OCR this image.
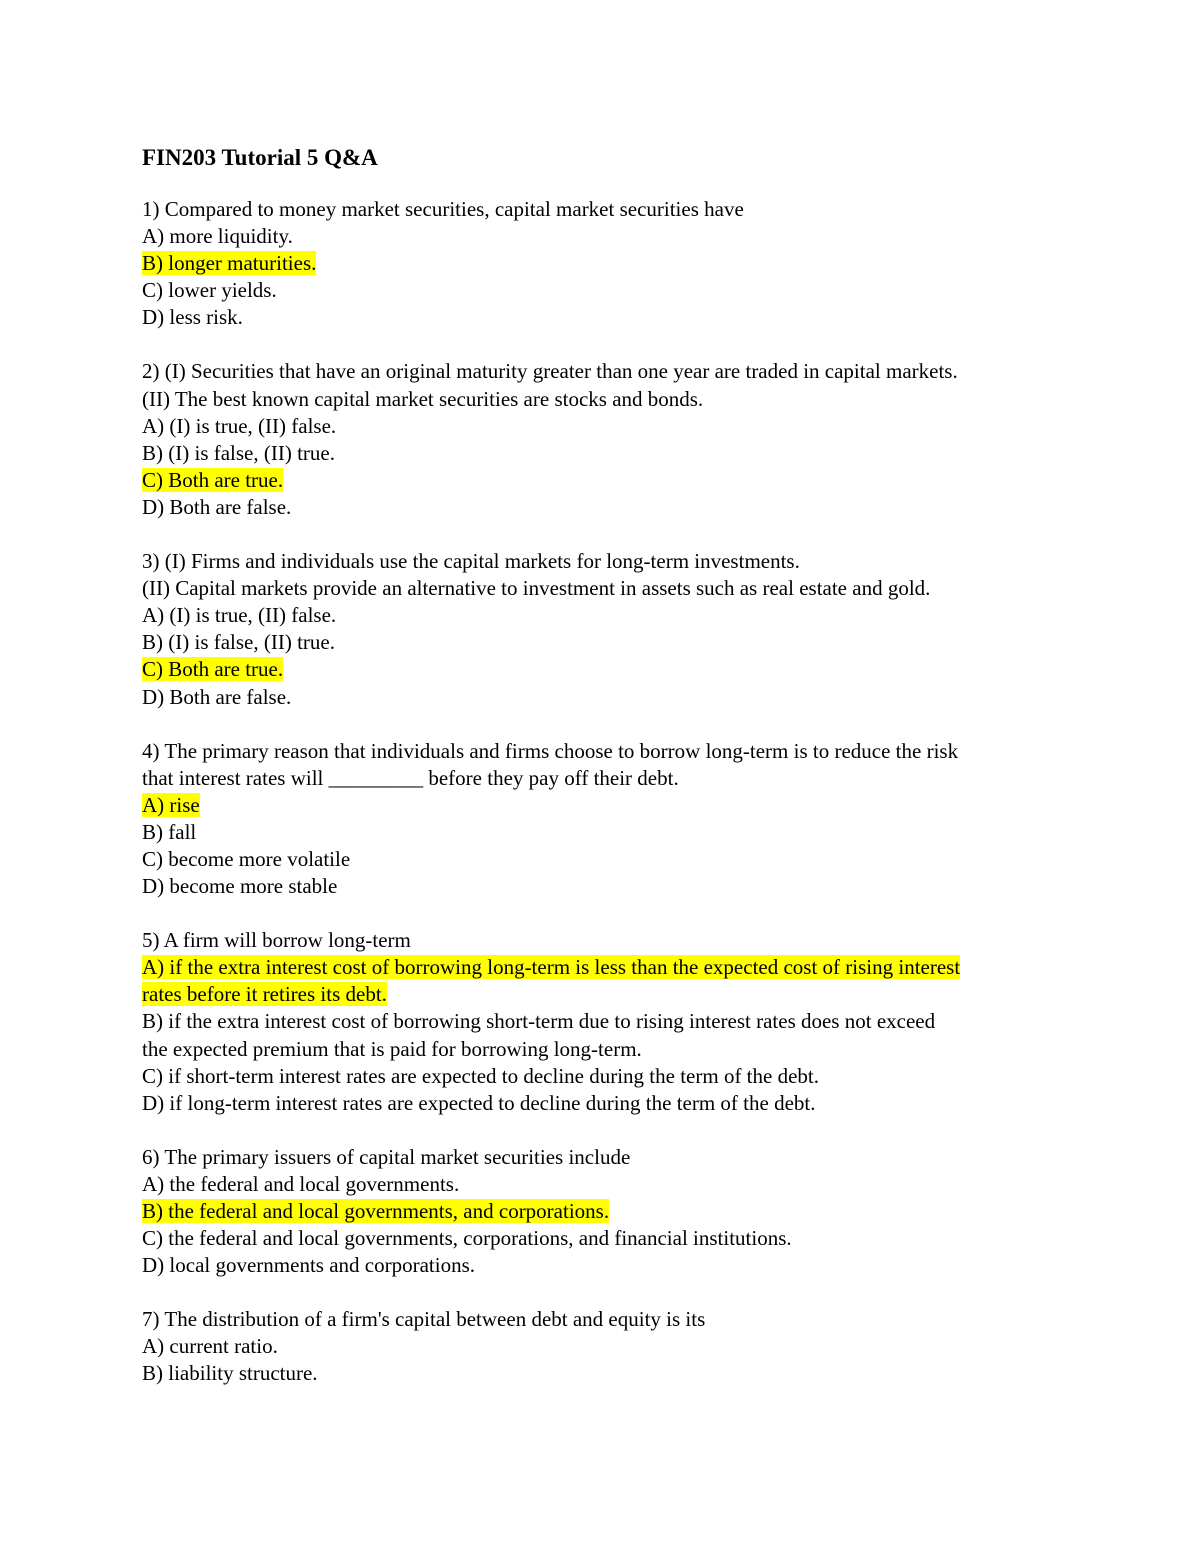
FIN203 Tutorial 5 Q&A
1) Compared to money market securities, capital market securities have
A) more liquidity.
B) longer maturities.
C) lower yields.
D) less risk.
2) (I) Securities that have an original maturity greater than one year are traded in capital markets.
(II) The best known capital market securities are stocks and bonds.
A) (I) is true, (II) false.
B) (I) is false, (II) true.
C) Both are true.
D) Both are false.
3) (I) Firms and individuals use the capital markets for long-term investments.
(II) Capital markets provide an alternative to investment in assets such as real estate and gold.
A) (I) is true, (II) false.
B) (I) is false, (II) true.
C) Both are true.
D) Both are false.
4) The primary reason that individuals and firms choose to borrow long-term is to reduce the risk
that interest rates will _________ before they pay off their debt.
A) rise
B) fall
C) become more volatile
D) become more stable
5) A firm will borrow long-term
A) if the extra interest cost of borrowing long-term is less than the expected cost of rising interest
rates before it retires its debt.
B) if the extra interest cost of borrowing short-term due to rising interest rates does not exceed
the expected premium that is paid for borrowing long-term.
C) if short-term interest rates are expected to decline during the term of the debt.
D) if long-term interest rates are expected to decline during the term of the debt.
6) The primary issuers of capital market securities include
A) the federal and local governments.
B) the federal and local governments, and corporations.
C) the federal and local governments, corporations, and financial institutions.
D) local governments and corporations.
7) The distribution of a firm's capital between debt and equity is its
A) current ratio.
B) liability structure.
